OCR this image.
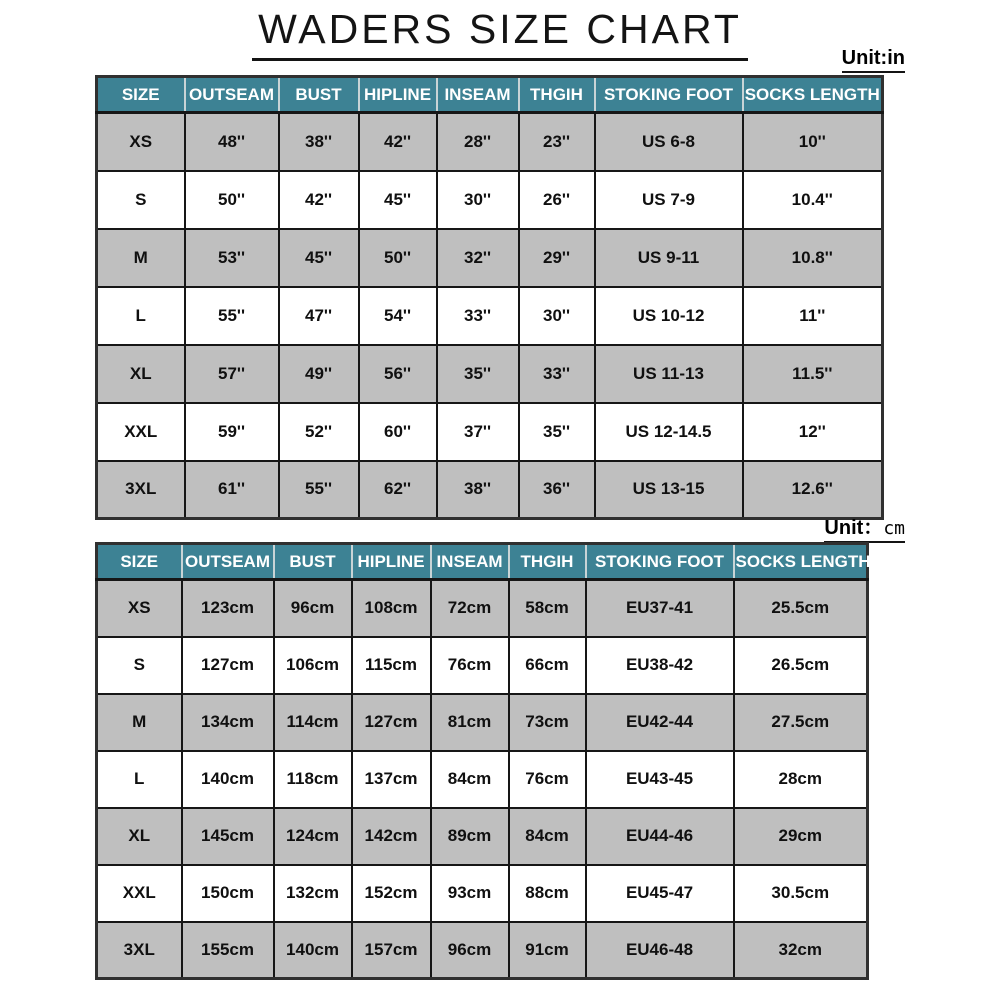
WADERS SIZE CHART
Unit:in
SIZE	OUTSEAM	BUST	HIPLINE	INSEAM	THGIH	STOKING FOOT	SOCKS LENGTH
XS	48''	38''	42''	28''	23''	US 6-8	10''
S	50''	42''	45''	30''	26''	US 7-9	10.4''
M	53''	45''	50''	32''	29''	US 9-11	10.8''
L	55''	47''	54''	33''	30''	US 10-12	11''
XL	57''	49''	56''	35''	33''	US 11-13	11.5''
XXL	59''	52''	60''	37''	35''	US 12-14.5	12''
3XL	61''	55''	62''	38''	36''	US 13-15	12.6''
Unit：cm
SIZE	OUTSEAM	BUST	HIPLINE	INSEAM	THGIH	STOKING FOOT	SOCKS LENGTH
XS	123cm	96cm	108cm	72cm	58cm	EU37-41	25.5cm
S	127cm	106cm	115cm	76cm	66cm	EU38-42	26.5cm
M	134cm	114cm	127cm	81cm	73cm	EU42-44	27.5cm
L	140cm	118cm	137cm	84cm	76cm	EU43-45	28cm
XL	145cm	124cm	142cm	89cm	84cm	EU44-46	29cm
XXL	150cm	132cm	152cm	93cm	88cm	EU45-47	30.5cm
3XL	155cm	140cm	157cm	96cm	91cm	EU46-48	32cm
